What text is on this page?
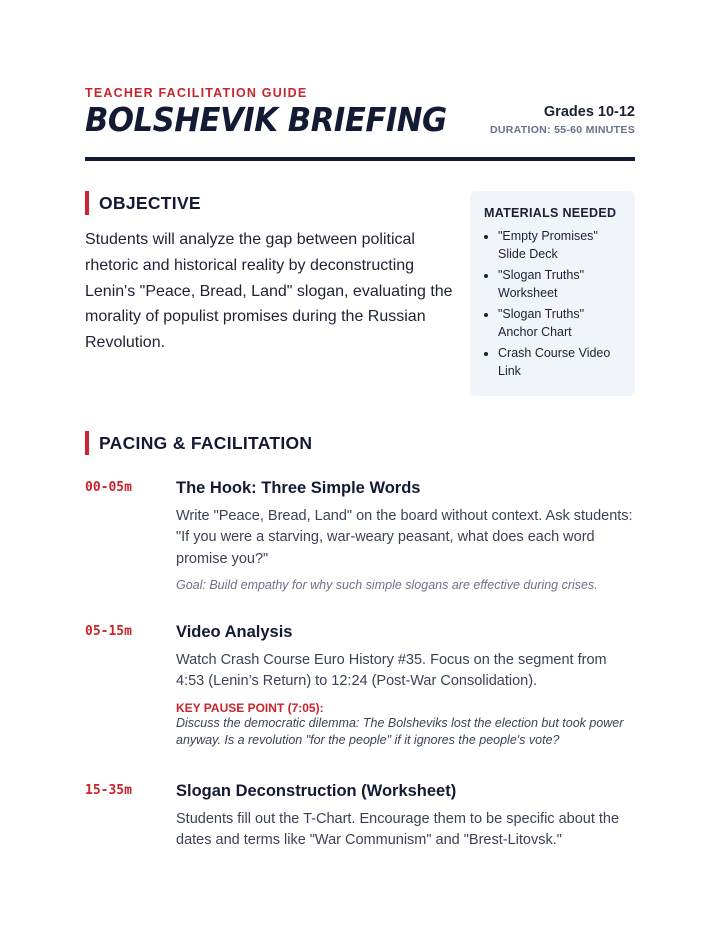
TEACHER FACILITATION GUIDE
BOLSHEVIK BRIEFING	Grades 10-12
DURATION: 55-60 MINUTES
OBJECTIVE
Students will analyze the gap between political rhetoric and historical reality by deconstructing Lenin's "Peace, Bread, Land" slogan, evaluating the morality of populist promises during the Russian Revolution.
MATERIALS NEEDED
• "Empty Promises" Slide Deck
• "Slogan Truths" Worksheet
• "Slogan Truths" Anchor Chart
• Crash Course Video Link
PACING & FACILITATION
00-05m	The Hook: Three Simple Words

Write "Peace, Bread, Land" on the board without context. Ask students: "If you were a starving, war-weary peasant, what does each word promise you?"

Goal: Build empathy for why such simple slogans are effective during crises.
05-15m	Video Analysis

Watch Crash Course Euro History #35. Focus on the segment from 4:53 (Lenin’s Return) to 12:24 (Post-War Consolidation).

KEY PAUSE POINT (7:05):
Discuss the democratic dilemma: The Bolsheviks lost the election but took power anyway. Is a revolution "for the people" if it ignores the people's vote?
15-35m	Slogan Deconstruction (Worksheet)

Students fill out the T-Chart. Encourage them to be specific about the dates and terms like "War Communism" and "Brest-Litovsk."
